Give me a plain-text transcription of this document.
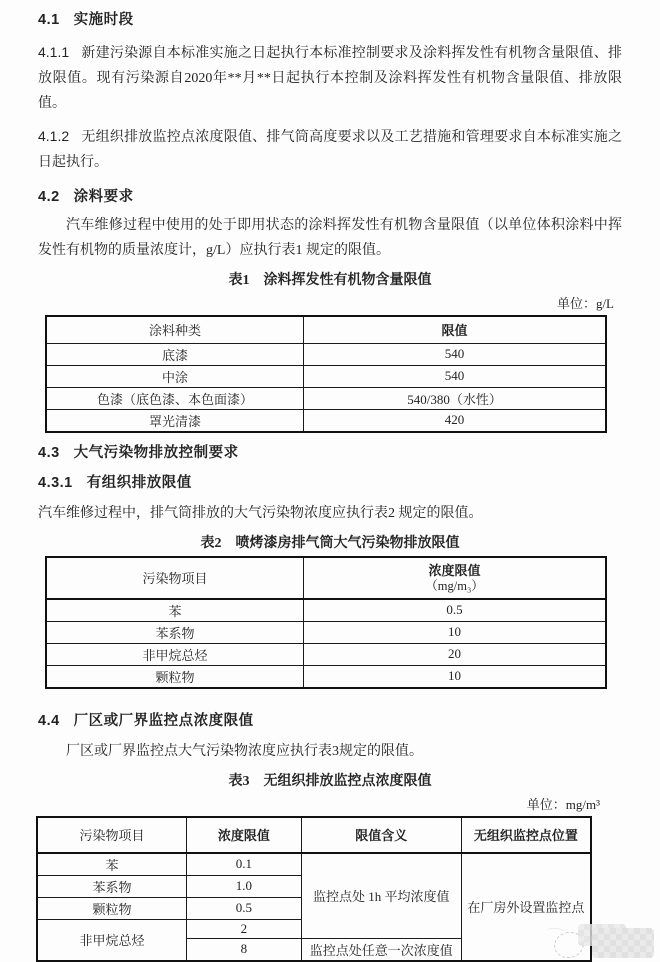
4.1 实施时段

4.1.1 新建污染源自本标准实施之日起执行本标准控制要求及涂料挥发性有机物含量限值、排放限值。现有污染源自2020年**月**日起执行本控制及涂料挥发性有机物含量限值、排放限值。

4.1.2 无组织排放监控点浓度限值、排气筒高度要求以及工艺措施和管理要求自本标准实施之日起执行。

4.2 涂料要求

汽车维修过程中使用的处于即用状态的涂料挥发性有机物含量限值（以单位体积涂料中挥发性有机物的质量浓度计，g/L）应执行表1 规定的限值。

表1　涂料挥发性有机物含量限值
单位：g/L
涂料种类	限值
底漆	540
中涂	540
色漆（底色漆、本色面漆）	540/380（水性）
罩光清漆	420
4.3 大气污染物排放控制要求
4.3.1 有组织排放限值

汽车维修过程中，排气筒排放的大气污染物浓度应执行表2 规定的限值。

表2　喷烤漆房排气筒大气污染物排放限值
污染物项目	浓度限值
（mg/m₃）

苯	0.5
苯系物	10
非甲烷总烃	20
颗粒物	10
4.4 厂区或厂界监控点浓度限值

厂区或厂界监控点大气污染物浓度应执行表3规定的限值。

表3　无组织排放监控点浓度限值
单位：mg/m³
污染物项目	浓度限值	限值含义	无组织监控点位置
苯	0.1	监控点处 1h 平均浓度值	在厂房外设置监控点

苯系物	1.0		
颗粒物	0.5		
非甲烷总烃	2		
	8	监控点处任意一次浓度值	
